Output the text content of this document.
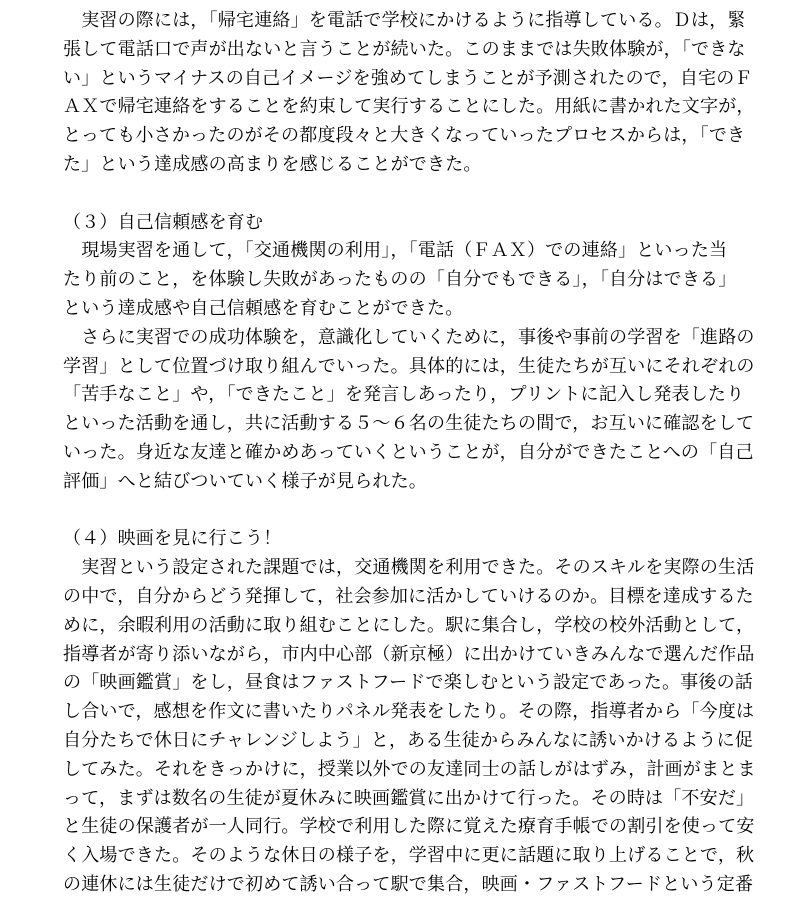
　実習の際には，「帰宅連絡」を電話で学校にかけるように指導している。Ｄは，緊
張して電話口で声が出ないと言うことが続いた。このままでは失敗体験が，「できな
い」というマイナスの自己イメージを強めてしまうことが予測されたので，自宅のＦ
ＡＸで帰宅連絡をすることを約束して実行することにした。用紙に書かれた文字が，
とっても小さかったのがその都度段々と大きくなっていったプロセスからは，「でき
た」という達成感の高まりを感じることができた。
（３）自己信頼感を育む
　現場実習を通して，「交通機関の利用」，「電話（ＦＡＸ）での連絡」といった当
たり前のこと，を体験し失敗があったものの「自分でもできる」，「自分はできる」
という達成感や自己信頼感を育むことができた。
　さらに実習での成功体験を，意識化していくために，事後や事前の学習を「進路の
学習」として位置づけ取り組んでいった。具体的には，生徒たちが互いにそれぞれの
「苦手なこと」や，「できたこと」を発言しあったり，プリントに記入し発表したり
といった活動を通し，共に活動する５～６名の生徒たちの間で，お互いに確認をして
いった。身近な友達と確かめあっていくということが，自分ができたことへの「自己
評価」へと結びついていく様子が見られた。
（４）映画を見に行こう！
　実習という設定された課題では，交通機関を利用できた。そのスキルを実際の生活
の中で，自分からどう発揮して，社会参加に活かしていけるのか。目標を達成するた
めに，余暇利用の活動に取り組むことにした。駅に集合し，学校の校外活動として，
指導者が寄り添いながら，市内中心部（新京極）に出かけていきみんなで選んだ作品
の「映画鑑賞」をし，昼食はファストフードで楽しむという設定であった。事後の話
し合いで，感想を作文に書いたりパネル発表をしたり。その際，指導者から「今度は
自分たちで休日にチャレンジしよう」と，ある生徒からみんなに誘いかけるように促
してみた。それをきっかけに，授業以外での友達同士の話しがはずみ，計画がまとま
って，まずは数名の生徒が夏休みに映画鑑賞に出かけて行った。その時は「不安だ」
と生徒の保護者が一人同行。学校で利用した際に覚えた療育手帳での割引を使って安
く入場できた。そのような休日の様子を，学習中に更に話題に取り上げることで，秋
の連休には生徒だけで初めて誘い合って駅で集合，映画・ファストフードという定番
